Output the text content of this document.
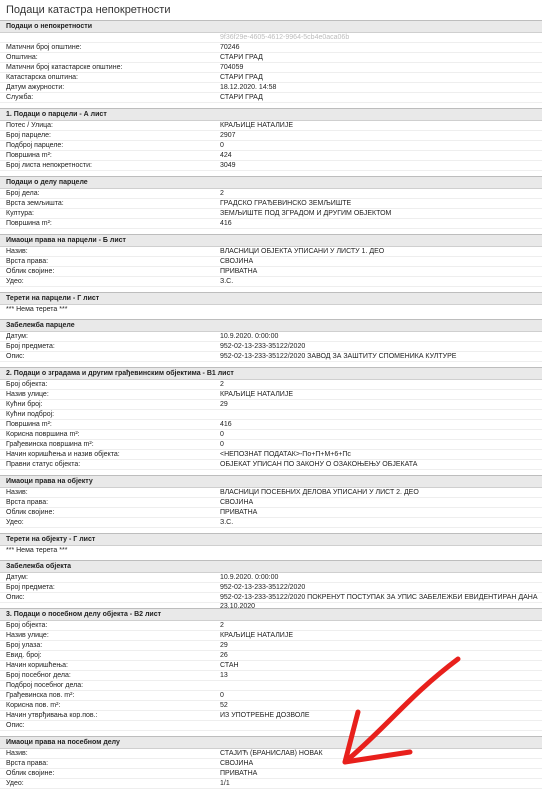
Подаци катастра непокретности
Подаци о непокретности
9f36f29e-4605-4612-9964-5cb4e0aca06b
Матични број општине:	70246
Општина:	СТАРИ ГРАД
Матични број катастарске општине:	704059
Катастарска општина:	СТАРИ ГРАД
Датум ажурности:	18.12.2020. 14:58
Служба:	СТАРИ ГРАД
1. Подаци о парцели - А лист
Потес / Улица:	КРАЉИЦЕ НАТАЛИЈЕ
Број парцеле:	2907
Подброј парцеле:	0
Површина m²:	424
Број листа непокретности:	3049
Подаци о делу парцеле
Број дела:	2
Врста земљишта:	ГРАДСКО ГРАЂЕВИНСКО ЗЕМЉИШТЕ
Култура:	ЗЕМЉИШТЕ ПОД ЗГРАДОМ И ДРУГИМ ОБЈЕКТОМ
Површина m²:	416
Имаоци права на парцели - Б лист
Назив:	ВЛАСНИЦИ ОБЈЕКТА УПИСАНИ У ЛИСТУ 1. ДЕО
Врста права:	СВОЈИНА
Облик својине:	ПРИВАТНА
Удео:	З.С.
Терети на парцели - Г лист
*** Нема терета ***
Забележба парцеле
Датум:	10.9.2020. 0:00:00
Број предмета:	952-02-13-233-35122/2020
Опис:	952-02-13-233-35122/2020 ЗАВОД ЗА ЗАШТИТУ СПОМЕНИКА КУЛТУРЕ
2. Подаци о зградама и другим грађевинским објектима - В1 лист
Број објекта:	2
Назив улице:	КРАЉИЦЕ НАТАЛИЈЕ
Кућни број:	29
Кућни подброј:
Површина m²:	416
Корисна површина m²:	0
Грађевинска површина m²:	0
Начин коришћења и назив објекта:	<НЕПОЗНАТ ПОДАТАК>-По+П+М+6+Пс
Правни статус објекта:	ОБЈЕКАТ УПИСАН ПО ЗАКОНУ О ОЗАКОЊЕЊУ ОБЈЕКАТА
Имаоци права на објекту
Назив:	ВЛАСНИЦИ ПОСЕБНИХ ДЕЛОВА УПИСАНИ У ЛИСТ 2. ДЕО
Врста права:	СВОЈИНА
Облик својине:	ПРИВАТНА
Удео:	З.С.
Терети на објекту - Г лист
*** Нема терета ***
Забележба објекта
Датум:	10.9.2020. 0:00:00
Број предмета:	952-02-13-233-35122/2020
Опис:	952-02-13-233-35122/2020 ПОКРЕНУТ ПОСТУПАК ЗА УПИС ЗАБЕЛЕЖБИ ЕВИДЕНТИРАН ДАНА 23.10.2020
3. Подаци о посебном делу објекта - В2 лист
Број објекта:	2
Назив улице:	КРАЉИЦЕ НАТАЛИЈЕ
Број улаза:	29
Евид. број:	26
Начин коришћења:	СТАН
Број посебног дела:	13
Подброј посебног дела:
Грађевинска пов. m²:	0
Корисна пов. m²:	52
Начин утврђивања кор.пов.:	ИЗ УПОТРЕБНЕ ДОЗВОЛЕ
Опис:
Имаоци права на посебном делу
Назив:	СТАЈИЋ (БРАНИСЛАВ) НОВАК
Врста права:	СВОЈИНА
Облик својине:	ПРИВАТНА
Удео:	1/1
